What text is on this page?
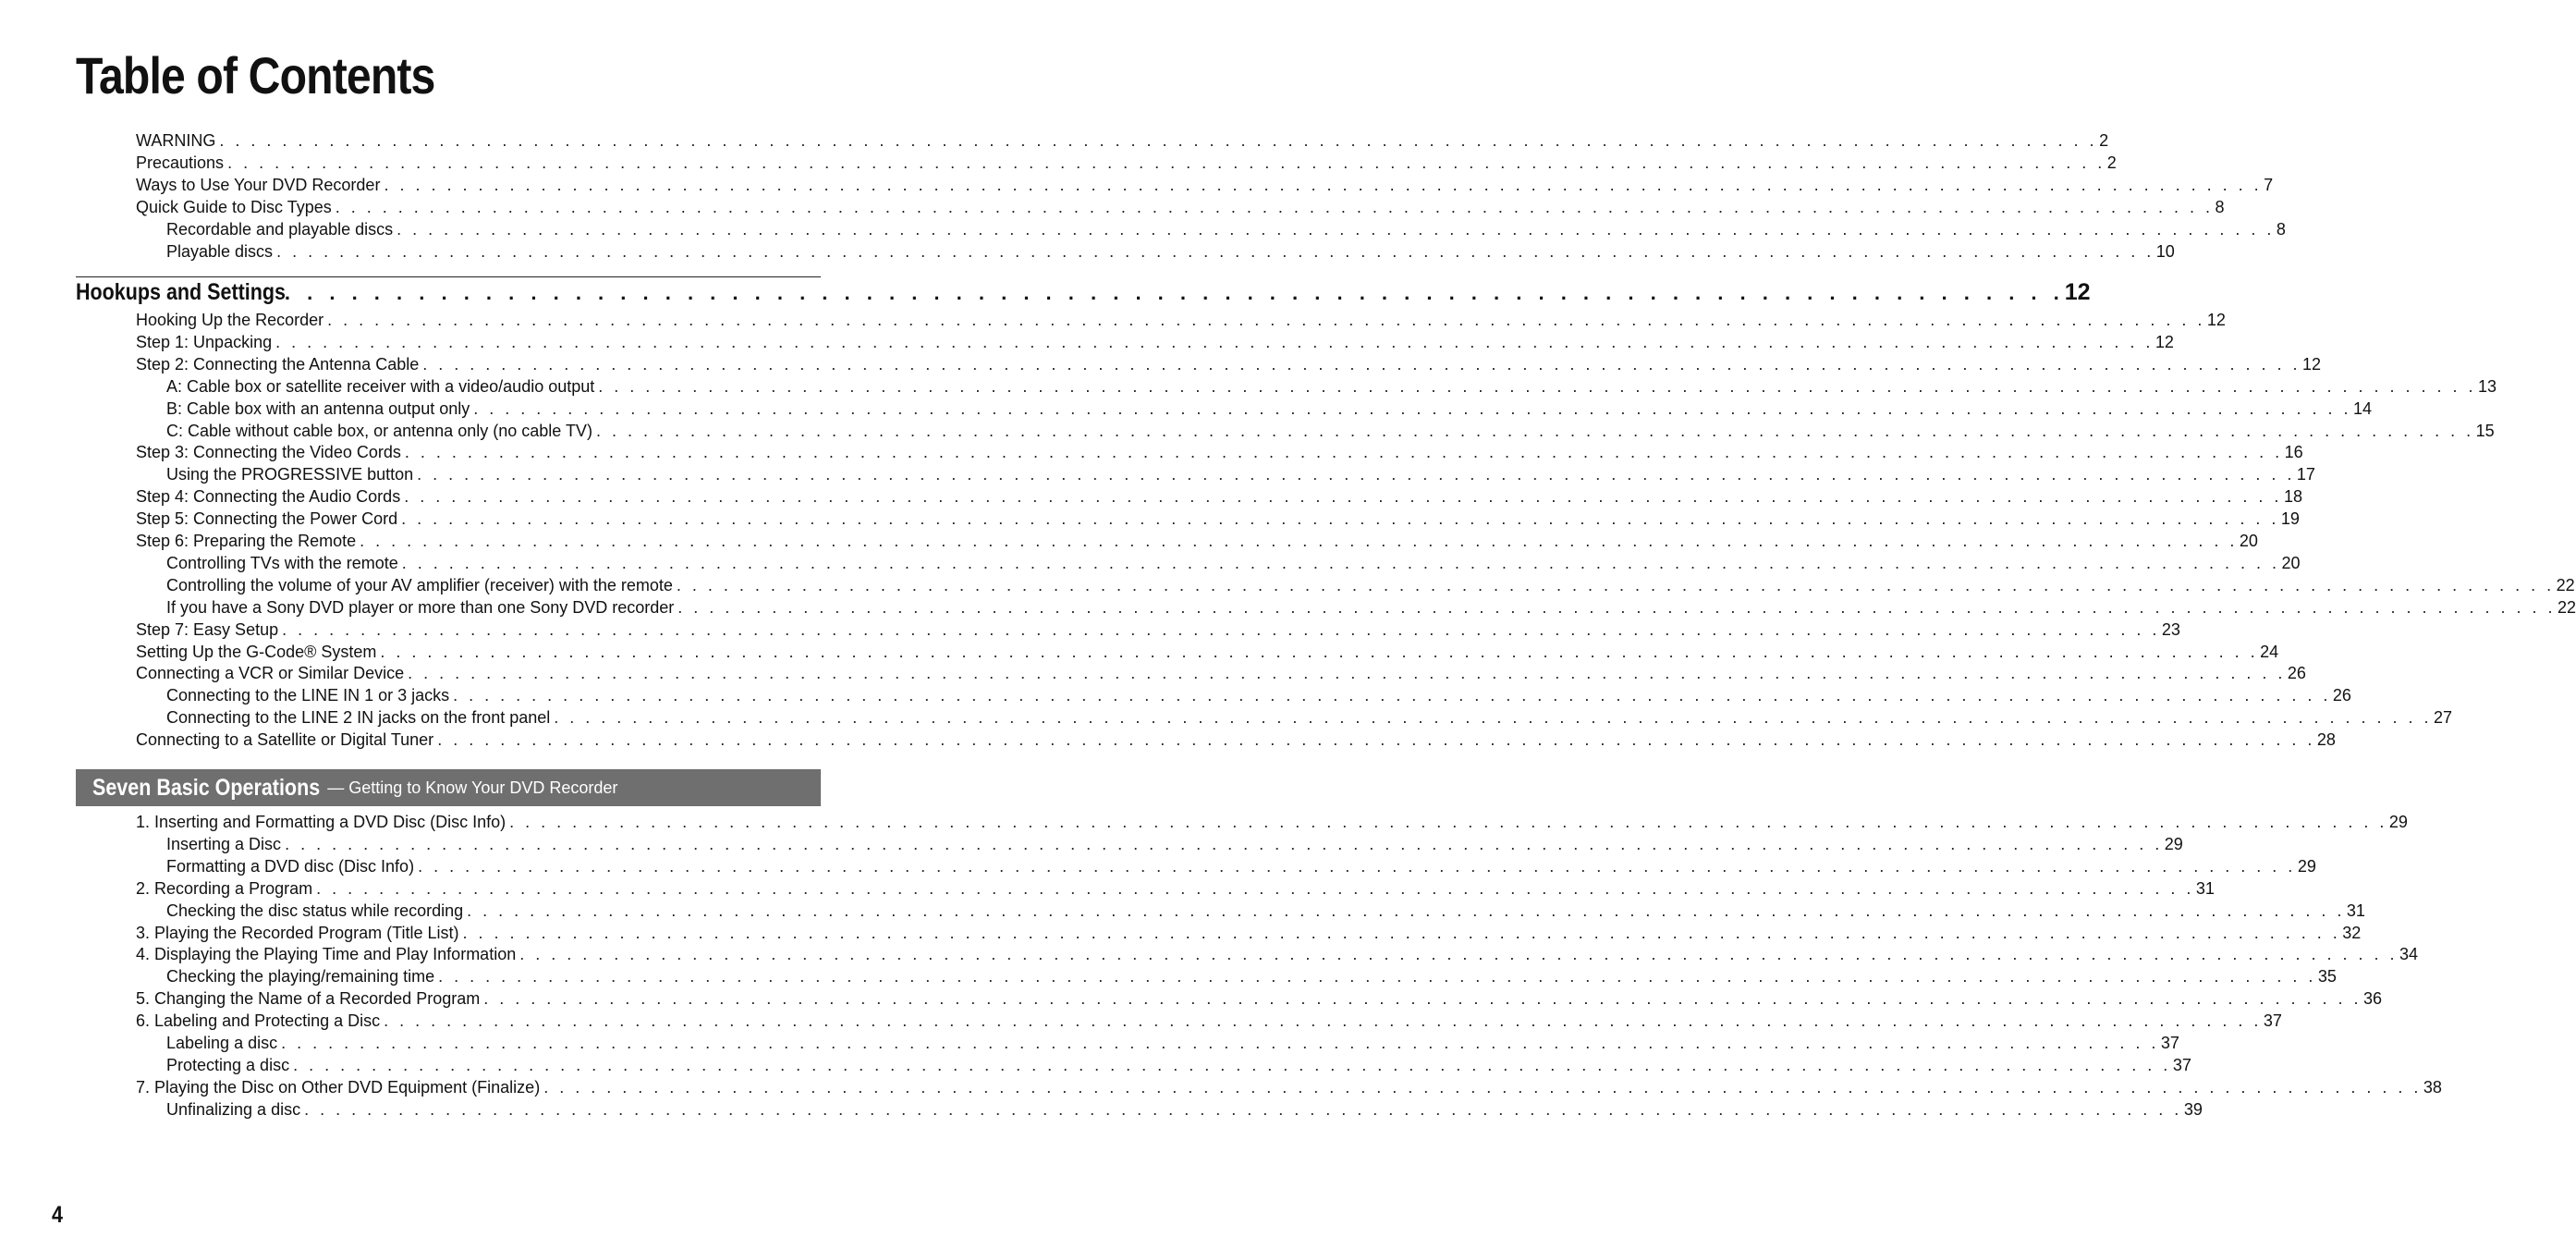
Table of Contents
WARNING . . . . . . . . . . . . . . . . . . . . . . . . . . . . . . . . . . . . . . . . . . . . . . . . . . . . . . . . . . . . . . . . . . . . . . . . . . . . . . . . . . . . . . . . . . . . . . . . . . . . . . . . . . . . . . . . . . . . . . . . 2
Precautions . . . . . . . . . . . . . . . . . . . . . . . . . . . . . . . . . . . . . . . . . . . . . . . . . . . . . . . . . . . . . . . . . . . . . . . . . . . . . . . . . . . . . . . . . . . . . . . . . . . . . . . . . . . . . . . . . . . . . . . . 2
Ways to Use Your DVD Recorder . . . . . . . . . . . . . . . . . . . . . . . . . . . . . . . . . . . . . . . . . . . . . . . . . . . . . . . . . . . . . . . . . . . . . . . . . . . . . . . . . . . . . . . . . . . . . . . . . . . . . . . . . . . . . . . . . . . . . . . . 7
Quick Guide to Disc Types . . . . . . . . . . . . . . . . . . . . . . . . . . . . . . . . . . . . . . . . . . . . . . . . . . . . . . . . . . . . . . . . . . . . . . . . . . . . . . . . . . . . . . . . . . . . . . . . . . . . . . . . . . . . . . . . . . . . . . . . 8
Recordable and playable discs . . . . . . . . . . . . . . . . . . . . . . . . . . . . . . . . . . . . . . . . . . . . . . . . . . . . . . . . . . . . . . . . . . . . . . . . . . . . . . . . . . . . . . . . . . . . . . . . . . . . . . . . . . . . . . . . . . . . . . . . 8
Playable discs . . . . . . . . . . . . . . . . . . . . . . . . . . . . . . . . . . . . . . . . . . . . . . . . . . . . . . . . . . . . . . . . . . . . . . . . . . . . . . . . . . . . . . . . . . . . . . . . . . . . . . . . . . . . . . . . . . . . . . . . 10
Hookups and Settings
. . . . . . . . . . . . . . . . . . . . . . . . . . . . . . . . . . . . . . . . . . . . . . . . . . . . . . . . . . . . . . . . . . . . . . . . . . . . . . . . 12
Hooking Up the Recorder . . . . . . . . . . . . . . . . . . . . . . . . . . . . . . . . . . . . . . . . . . . . . . . . . . . . . . . . . . . . . . . . . . . . . . . . . . . . . . . . . . . . . . . . . . . . . . . . . . . . . . . . . . . . . . . . . . . . . . . . 12
Step 1: Unpacking . . . . . . . . . . . . . . . . . . . . . . . . . . . . . . . . . . . . . . . . . . . . . . . . . . . . . . . . . . . . . . . . . . . . . . . . . . . . . . . . . . . . . . . . . . . . . . . . . . . . . . . . . . . . . . . . . . . . . . . . 12
Step 2: Connecting the Antenna Cable . . . . . . . . . . . . . . . . . . . . . . . . . . . . . . . . . . . . . . . . . . . . . . . . . . . . . . . . . . . . . . . . . . . . . . . . . . . . . . . . . . . . . . . . . . . . . . . . . . . . . . . . . . . . . . . . . . . . . . . . 12
A: Cable box or satellite receiver with a video/audio output . . . . . . . . . . . . . . . . . . . . . . . . . . . . . . . . . . . . . . . . . . . . . . . . . . . . . . . . . . . . . . . . . . . . . . . . . . . . . . . . . . . . . . . . . . . . . . . . . . . . . . . . . . . . . . . . . . . . . . . . 13
B: Cable box with an antenna output only . . . . . . . . . . . . . . . . . . . . . . . . . . . . . . . . . . . . . . . . . . . . . . . . . . . . . . . . . . . . . . . . . . . . . . . . . . . . . . . . . . . . . . . . . . . . . . . . . . . . . . . . . . . . . . . . . . . . . . . . 14
C: Cable without cable box, or antenna only (no cable TV) . . . . . . . . . . . . . . . . . . . . . . . . . . . . . . . . . . . . . . . . . . . . . . . . . . . . . . . . . . . . . . . . . . . . . . . . . . . . . . . . . . . . . . . . . . . . . . . . . . . . . . . . . . . . . . . . . . . . . . . . 15
Step 3: Connecting the Video Cords . . . . . . . . . . . . . . . . . . . . . . . . . . . . . . . . . . . . . . . . . . . . . . . . . . . . . . . . . . . . . . . . . . . . . . . . . . . . . . . . . . . . . . . . . . . . . . . . . . . . . . . . . . . . . . . . . . . . . . . . 16
Using the PROGRESSIVE button . . . . . . . . . . . . . . . . . . . . . . . . . . . . . . . . . . . . . . . . . . . . . . . . . . . . . . . . . . . . . . . . . . . . . . . . . . . . . . . . . . . . . . . . . . . . . . . . . . . . . . . . . . . . . . . . . . . . . . . . 17
Step 4: Connecting the Audio Cords . . . . . . . . . . . . . . . . . . . . . . . . . . . . . . . . . . . . . . . . . . . . . . . . . . . . . . . . . . . . . . . . . . . . . . . . . . . . . . . . . . . . . . . . . . . . . . . . . . . . . . . . . . . . . . . . . . . . . . . . 18
Step 5: Connecting the Power Cord . . . . . . . . . . . . . . . . . . . . . . . . . . . . . . . . . . . . . . . . . . . . . . . . . . . . . . . . . . . . . . . . . . . . . . . . . . . . . . . . . . . . . . . . . . . . . . . . . . . . . . . . . . . . . . . . . . . . . . . . 19
Step 6: Preparing the Remote . . . . . . . . . . . . . . . . . . . . . . . . . . . . . . . . . . . . . . . . . . . . . . . . . . . . . . . . . . . . . . . . . . . . . . . . . . . . . . . . . . . . . . . . . . . . . . . . . . . . . . . . . . . . . . . . . . . . . . . . 20
Controlling TVs with the remote . . . . . . . . . . . . . . . . . . . . . . . . . . . . . . . . . . . . . . . . . . . . . . . . . . . . . . . . . . . . . . . . . . . . . . . . . . . . . . . . . . . . . . . . . . . . . . . . . . . . . . . . . . . . . . . . . . . . . . . . 20
Controlling the volume of your AV amplifier (receiver) with the remote . . . . . . . . . . . . . . . . . . . . . . . . . . . . . . . . . . . . . . . . . . . . . . . . . . . . . . . . . . . . . . . . . . . . . . . . . . . . . . . . . . . . . . . . . . . . . . . . . . . . . . . . . . . . . . . . . . . . . . . . 22
If you have a Sony DVD player or more than one Sony DVD recorder . . . . . . . . . . . . . . . . . . . . . . . . . . . . . . . . . . . . . . . . . . . . . . . . . . . . . . . . . . . . . . . . . . . . . . . . . . . . . . . . . . . . . . . . . . . . . . . . . . . . . . . . . . . . . . . . . . . . . . . . 22
Step 7: Easy Setup . . . . . . . . . . . . . . . . . . . . . . . . . . . . . . . . . . . . . . . . . . . . . . . . . . . . . . . . . . . . . . . . . . . . . . . . . . . . . . . . . . . . . . . . . . . . . . . . . . . . . . . . . . . . . . . . . . . . . . . . 23
Setting Up the G-Code® System . . . . . . . . . . . . . . . . . . . . . . . . . . . . . . . . . . . . . . . . . . . . . . . . . . . . . . . . . . . . . . . . . . . . . . . . . . . . . . . . . . . . . . . . . . . . . . . . . . . . . . . . . . . . . . . . . . . . . . . . 24
Connecting a VCR or Similar Device . . . . . . . . . . . . . . . . . . . . . . . . . . . . . . . . . . . . . . . . . . . . . . . . . . . . . . . . . . . . . . . . . . . . . . . . . . . . . . . . . . . . . . . . . . . . . . . . . . . . . . . . . . . . . . . . . . . . . . . . 26
Connecting to the LINE IN 1 or 3 jacks . . . . . . . . . . . . . . . . . . . . . . . . . . . . . . . . . . . . . . . . . . . . . . . . . . . . . . . . . . . . . . . . . . . . . . . . . . . . . . . . . . . . . . . . . . . . . . . . . . . . . . . . . . . . . . . . . . . . . . . . 26
Connecting to the LINE 2 IN jacks on the front panel . . . . . . . . . . . . . . . . . . . . . . . . . . . . . . . . . . . . . . . . . . . . . . . . . . . . . . . . . . . . . . . . . . . . . . . . . . . . . . . . . . . . . . . . . . . . . . . . . . . . . . . . . . . . . . . . . . . . . . . . 27
Connecting to a Satellite or Digital Tuner . . . . . . . . . . . . . . . . . . . . . . . . . . . . . . . . . . . . . . . . . . . . . . . . . . . . . . . . . . . . . . . . . . . . . . . . . . . . . . . . . . . . . . . . . . . . . . . . . . . . . . . . . . . . . . . . . . . . . . . . 28
Seven Basic Operations — Getting to Know Your DVD Recorder
1. Inserting and Formatting a DVD Disc (Disc Info) . . . . . . . . . . . . . . . . . . . . . . . . . . . . . . . . . . . . . . . . . . . . . . . . . . . . . . . . . . . . . . . . . . . . . . . . . . . . . . . . . . . . . . . . . . . . . . . . . . . . . . . . . . . . . . . . . . . . . . . . 29
Inserting a Disc . . . . . . . . . . . . . . . . . . . . . . . . . . . . . . . . . . . . . . . . . . . . . . . . . . . . . . . . . . . . . . . . . . . . . . . . . . . . . . . . . . . . . . . . . . . . . . . . . . . . . . . . . . . . . . . . . . . . . . . . 29
Formatting a DVD disc (Disc Info) . . . . . . . . . . . . . . . . . . . . . . . . . . . . . . . . . . . . . . . . . . . . . . . . . . . . . . . . . . . . . . . . . . . . . . . . . . . . . . . . . . . . . . . . . . . . . . . . . . . . . . . . . . . . . . . . . . . . . . . . 29
2. Recording a Program . . . . . . . . . . . . . . . . . . . . . . . . . . . . . . . . . . . . . . . . . . . . . . . . . . . . . . . . . . . . . . . . . . . . . . . . . . . . . . . . . . . . . . . . . . . . . . . . . . . . . . . . . . . . . . . . . . . . . . . . 31
Checking the disc status while recording . . . . . . . . . . . . . . . . . . . . . . . . . . . . . . . . . . . . . . . . . . . . . . . . . . . . . . . . . . . . . . . . . . . . . . . . . . . . . . . . . . . . . . . . . . . . . . . . . . . . . . . . . . . . . . . . . . . . . . . . 31
3. Playing the Recorded Program (Title List) . . . . . . . . . . . . . . . . . . . . . . . . . . . . . . . . . . . . . . . . . . . . . . . . . . . . . . . . . . . . . . . . . . . . . . . . . . . . . . . . . . . . . . . . . . . . . . . . . . . . . . . . . . . . . . . . . . . . . . . . 32
4. Displaying the Playing Time and Play Information . . . . . . . . . . . . . . . . . . . . . . . . . . . . . . . . . . . . . . . . . . . . . . . . . . . . . . . . . . . . . . . . . . . . . . . . . . . . . . . . . . . . . . . . . . . . . . . . . . . . . . . . . . . . . . . . . . . . . . . . 34
Checking the playing/remaining time . . . . . . . . . . . . . . . . . . . . . . . . . . . . . . . . . . . . . . . . . . . . . . . . . . . . . . . . . . . . . . . . . . . . . . . . . . . . . . . . . . . . . . . . . . . . . . . . . . . . . . . . . . . . . . . . . . . . . . . . 35
5. Changing the Name of a Recorded Program . . . . . . . . . . . . . . . . . . . . . . . . . . . . . . . . . . . . . . . . . . . . . . . . . . . . . . . . . . . . . . . . . . . . . . . . . . . . . . . . . . . . . . . . . . . . . . . . . . . . . . . . . . . . . . . . . . . . . . . . 36
6. Labeling and Protecting a Disc . . . . . . . . . . . . . . . . . . . . . . . . . . . . . . . . . . . . . . . . . . . . . . . . . . . . . . . . . . . . . . . . . . . . . . . . . . . . . . . . . . . . . . . . . . . . . . . . . . . . . . . . . . . . . . . . . . . . . . . . 37
Labeling a disc . . . . . . . . . . . . . . . . . . . . . . . . . . . . . . . . . . . . . . . . . . . . . . . . . . . . . . . . . . . . . . . . . . . . . . . . . . . . . . . . . . . . . . . . . . . . . . . . . . . . . . . . . . . . . . . . . . . . . . . . 37
Protecting a disc . . . . . . . . . . . . . . . . . . . . . . . . . . . . . . . . . . . . . . . . . . . . . . . . . . . . . . . . . . . . . . . . . . . . . . . . . . . . . . . . . . . . . . . . . . . . . . . . . . . . . . . . . . . . . . . . . . . . . . . . 37
7. Playing the Disc on Other DVD Equipment (Finalize) . . . . . . . . . . . . . . . . . . . . . . . . . . . . . . . . . . . . . . . . . . . . . . . . . . . . . . . . . . . . . . . . . . . . . . . . . . . . . . . . . . . . . . . . . . . . . . . . . . . . . . . . . . . . . . . . . . . . . . . . 38
Unfinalizing a disc . . . . . . . . . . . . . . . . . . . . . . . . . . . . . . . . . . . . . . . . . . . . . . . . . . . . . . . . . . . . . . . . . . . . . . . . . . . . . . . . . . . . . . . . . . . . . . . . . . . . . . . . . . . . . . . . . . . . . . . . 39
4
